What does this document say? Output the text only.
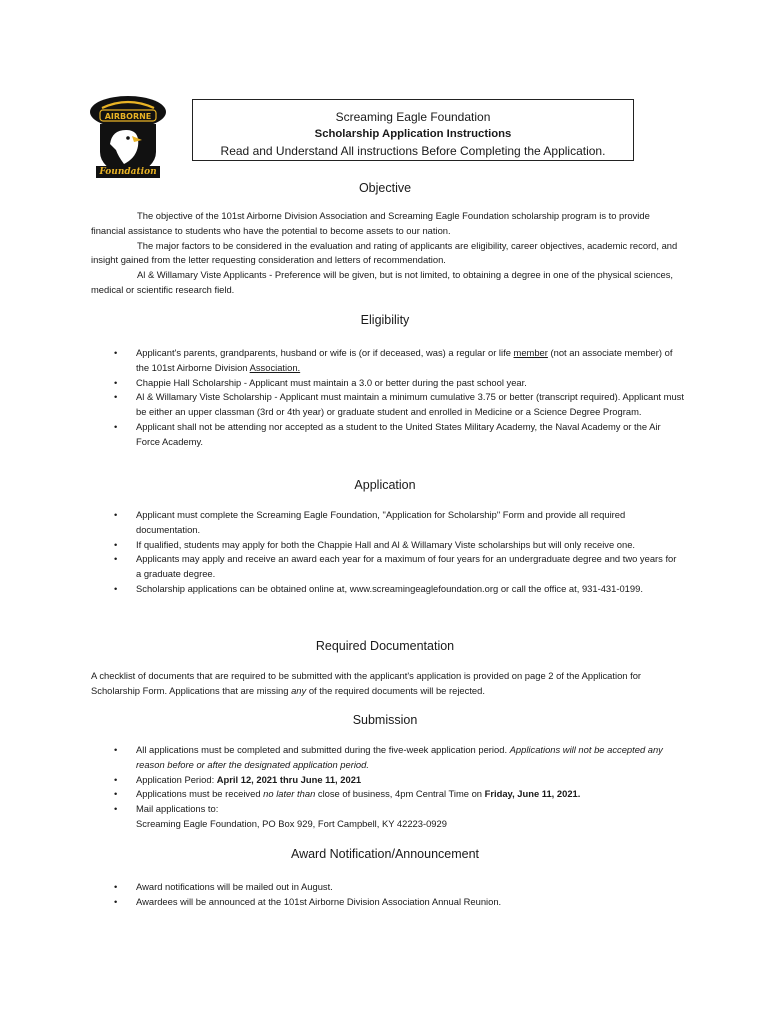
AIRBORNE
Foundation
Screaming Eagle Foundation
Scholarship Application Instructions
Read and Understand All instructions Before Completing the Application.
Objective

The objective of the 101st Airborne Division Association and Screaming Eagle Foundation scholarship program is to provide financial assistance to students who have the potential to become assets to our nation.

The major factors to be considered in the evaluation and rating of applicants are eligibility, career objectives, academic record, and insight gained from the letter requesting consideration and letters of recommendation.

Al & Willamary Viste Applicants - Preference will be given, but is not limited, to obtaining a degree in one of the physical sciences, medical or scientific research field.

Eligibility
• Applicant's parents, grandparents, husband or wife is (or if deceased, was) a regular or life member (not an associate member) of the 101st Airborne Division Association.
• Chappie Hall Scholarship - Applicant must maintain a 3.0 or better during the past school year.
• Al & Willamary Viste Scholarship - Applicant must maintain a minimum cumulative 3.75 or better (transcript required). Applicant must be either an upper classman (3rd or 4th year) or graduate student and enrolled in Medicine or a Science Degree Program.
• Applicant shall not be attending nor accepted as a student to the United States Military Academy, the Naval Academy or the Air Force Academy.
Application
• Applicant must complete the Screaming Eagle Foundation, "Application for Scholarship" Form and provide all required documentation.
• If qualified, students may apply for both the Chappie Hall and Al & Willamary Viste scholarships but will only receive one.
• Applicants may apply and receive an award each year for a maximum of four years for an undergraduate degree and two years for a graduate degree.
• Scholarship applications can be obtained online at, www.screamingeaglefoundation.org or call the office at, 931-431-0199.
Required Documentation

A checklist of documents that are required to be submitted with the applicant's application is provided on page 2 of the Application for Scholarship Form. Applications that are missing any of the required documents will be rejected.

Submission
• All applications must be completed and submitted during the five-week application period. Applications will not be accepted any reason before or after the designated application period.
• Application Period: April 12, 2021 thru June 11, 2021
• Applications must be received no later than close of business, 4pm Central Time on Friday, June 11, 2021.
• Mail applications to:
Screaming Eagle Foundation, PO Box 929, Fort Campbell, KY 42223-0929
Award Notification/Announcement
• Award notifications will be mailed out in August.
• Awardees will be announced at the 101st Airborne Division Association Annual Reunion.
